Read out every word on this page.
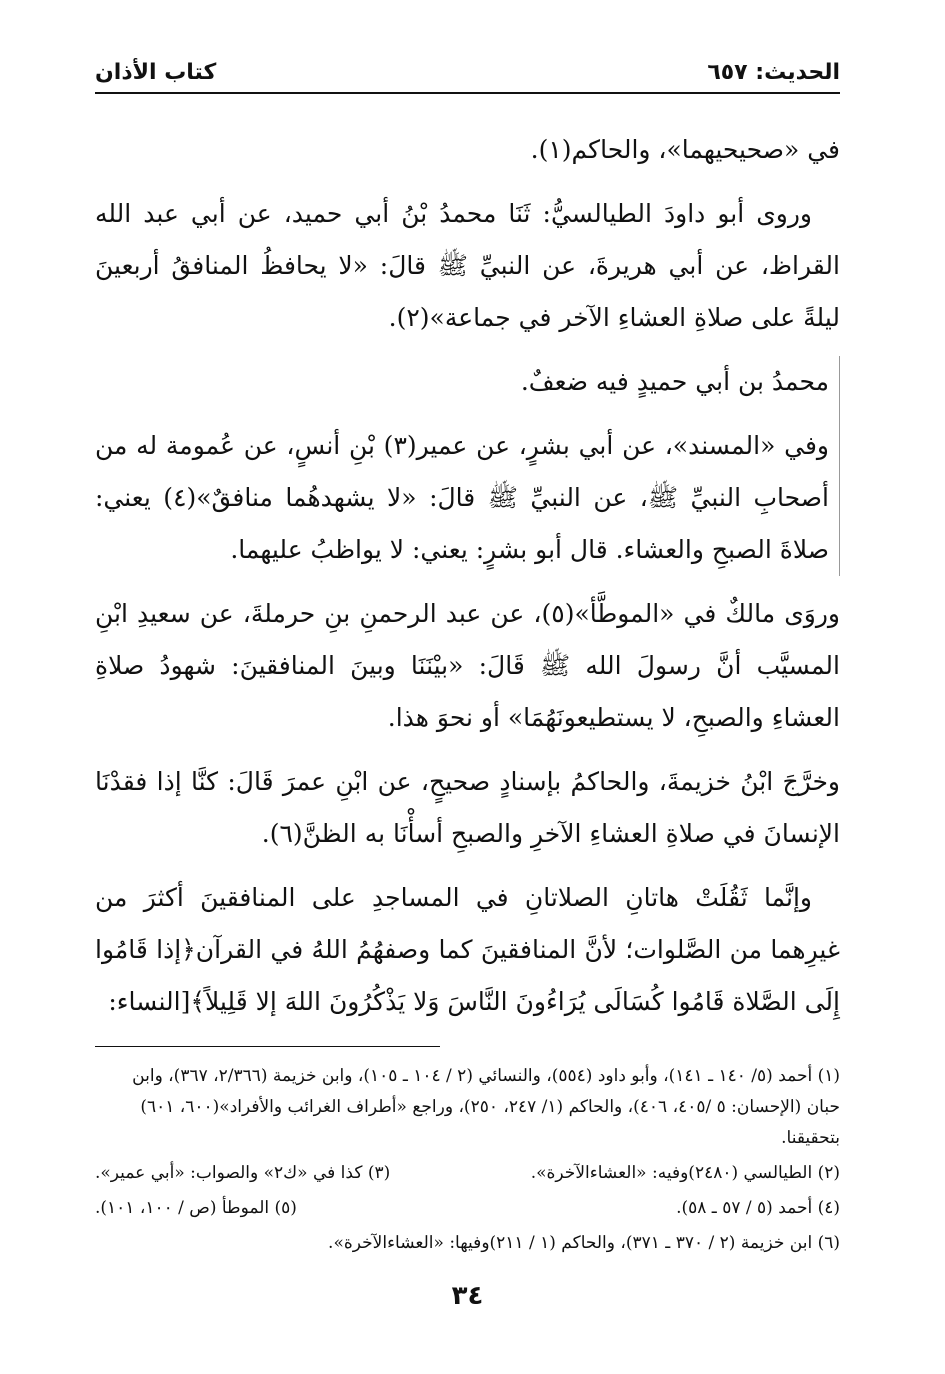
الحديث: ٦٥٧
كتاب الأذان

في «صحيحيهما»، والحاكم(١).

وروى أبو داودَ الطيالسيُّ: ثَنَا محمدُ بْنُ أبي حميد، عن أبي عبد الله القراظ، عن أبي هريرةَ، عن النبيِّ ﷺ قالَ: «لا يحافظُ المنافقُ أربعينَ ليلةً على صلاةِ العشاءِ الآخر في جماعة»(٢).

محمدُ بن أبي حميدٍ فيه ضعفٌ.

وفي «المسند»، عن أبي بشرٍ، عن عمير(٣) بْنِ أنسٍ، عن عُمومة له من أصحابِ النبيِّ ﷺ، عن النبيِّ ﷺ قالَ: «لا يشهدهُما منافقٌ»(٤) يعني: صلاةَ الصبحِ والعشاء. قال أبو بشرٍ: يعني: لا يواظبُ عليهما.

وروَى مالكٌ في «الموطَّأ»(٥)، عن عبد الرحمنِ بنِ حرملةَ، عن سعيدِ ابْنِ المسيَّب أنَّ رسولَ الله ﷺ قَالَ: «بيْنَنَا وبينَ المنافقينَ: شهودُ صلاةِ العشاءِ والصبحِ، لا يستطيعونَهُمَا» أو نحوَ هذا.

وخرَّجَ ابْنُ خزيمةَ، والحاكمُ بإسنادٍ صحيحٍ، عن ابْنِ عمرَ قَالَ: كنَّا إذا فقدْنَا الإنسانَ في صلاةِ العشاءِ الآخرِ والصبحِ أسأْنَا به الظنَّ(٦).

وإنَّما ثَقُلَتْ هاتانِ الصلاتانِ في المساجدِ على المنافقينَ أكثرَ من غيرِهما من الصَّلوات؛ لأنَّ المنافقينَ كما وصفهُمُ اللهُ في القرآن﴿إذا قَامُوا إِلَى الصَّلاة قَامُوا كُسَالَى يُرَاءُونَ النَّاسَ وَلا يَذْكُرُونَ اللهَ إلا قَلِيلاً﴾[النساء:

(١) أحمد (٥/ ١٤٠ ـ ١٤١)، وأبو داود (٥٥٤)، والنسائي (٢ / ١٠٤ ـ ١٠٥)، وابن خزيمة (٢/٣٦٦، ٣٦٧)، وابن حبان (الإحسان: ٥ /٤٠٥، ٤٠٦)، والحاكم (١/ ٢٤٧، ٢٥٠)، وراجع «أطراف الغرائب والأفراد»(٦٠٠، ٦٠١) بتحقيقنا.

(٢) الطيالسي (٢٤٨٠)وفيه: «العشاءالآخرة».
(٣) كذا في «ك٢» والصواب: «أبي عمير».
(٤) أحمد (٥ / ٥٧ ـ ٥٨).
(٥) الموطأ (ص / ١٠٠، ١٠١).

(٦) ابن خزيمة (٢ / ٣٧٠ ـ ٣٧١)، والحاكم (١ / ٢١١)وفيها: «العشاءالآخرة».

٣٤
